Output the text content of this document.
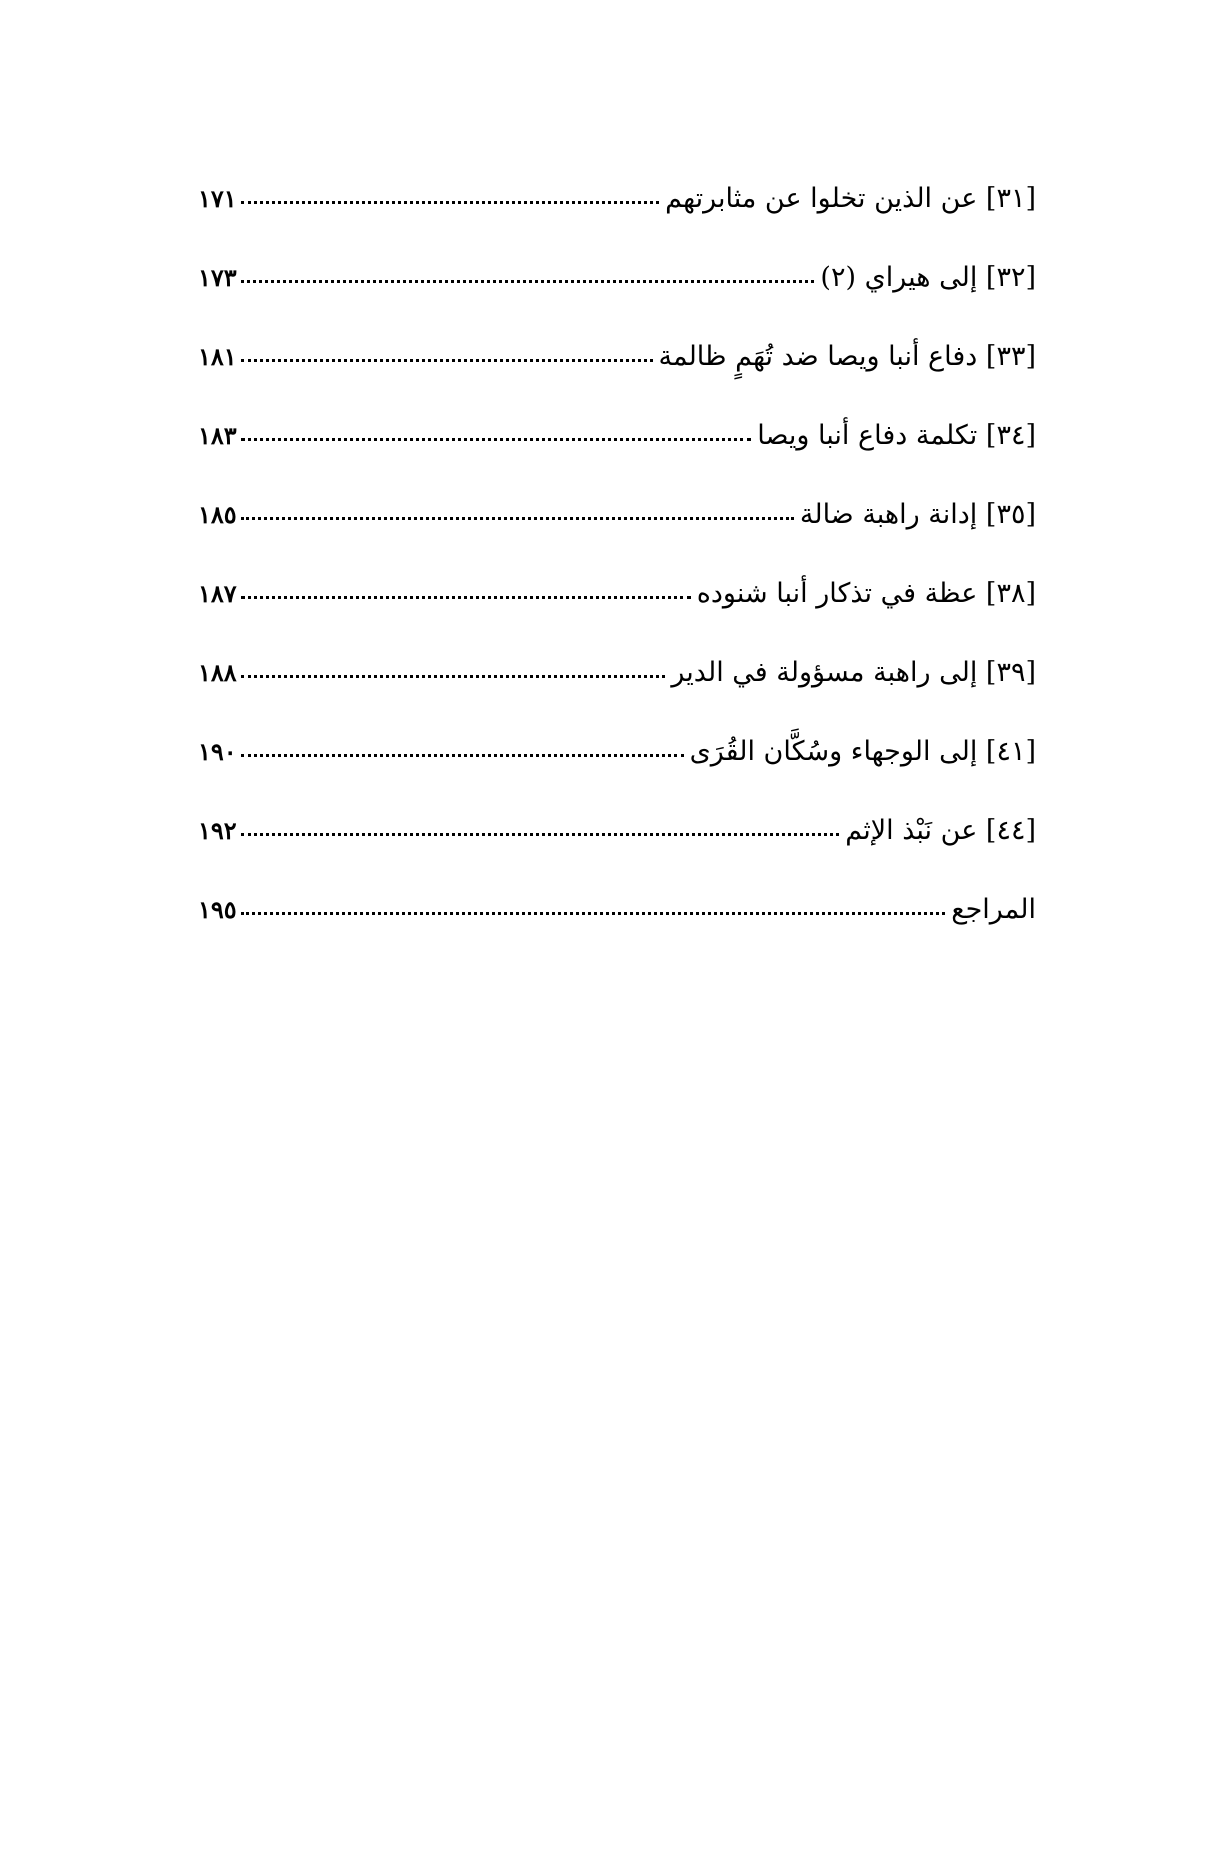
[٣١] عن الذين تخلوا عن مثابرتهم
١٧١
[٣٢] إلى هيراي (٢)
١٧٣
[٣٣] دفاع أنبا ويصا ضد تُهَمٍ ظالمة
١٨١
[٣٤] تكلمة دفاع أنبا ويصا
١٨٣
[٣٥] إدانة راهبة ضالة
١٨٥
[٣٨] عظة في تذكار أنبا شنوده
١٨٧
[٣٩] إلى راهبة مسؤولة في الدير
١٨٨
[٤١] إلى الوجهاء وسُكَّان القُرَى
١٩٠
[٤٤] عن نَبْذ الإثم
١٩٢
المراجع
١٩٥
